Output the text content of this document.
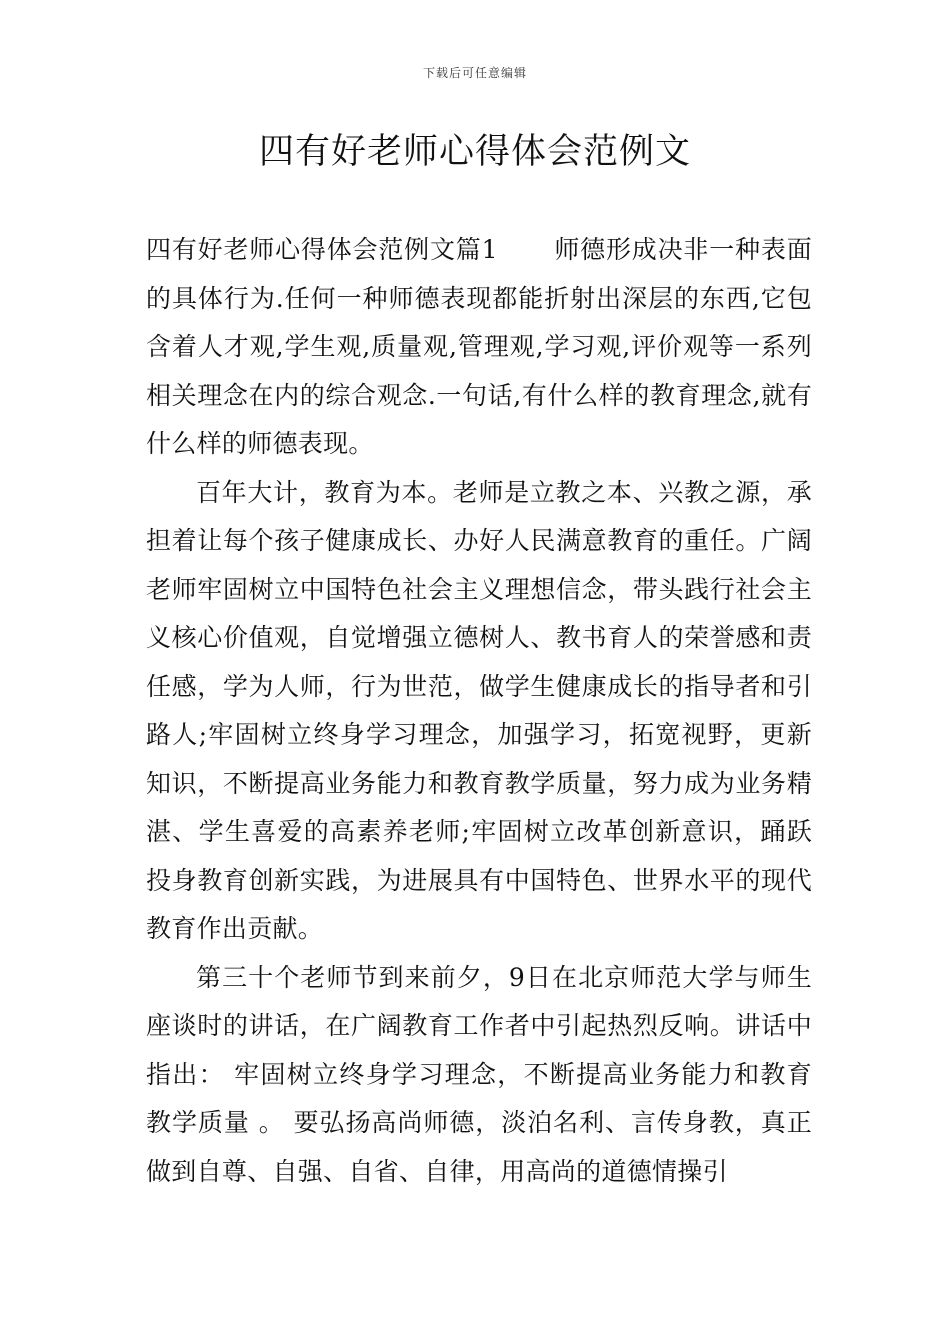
下载后可任意编辑
四有好老师心得体会范例文

四有好老师心得体会范例文篇1 师德形成决非一种表面的具体行为.任何一种师德表现都能折射出深层的东西,它包含着人才观,学生观,质量观,管理观,学习观,评价观等一系列相关理念在内的综合观念.一句话,有什么样的教育理念,就有什么样的师德表现。

百年大计，教育为本。老师是立教之本、兴教之源，承担着让每个孩子健康成长、办好人民满意教育的重任。广阔老师牢固树立中国特色社会主义理想信念，带头践行社会主义核心价值观，自觉增强立德树人、教书育人的荣誉感和责任感，学为人师，行为世范，做学生健康成长的指导者和引路人;牢固树立终身学习理念，加强学习，拓宽视野，更新知识，不断提高业务能力和教育教学质量，努力成为业务精湛、学生喜爱的高素养老师;牢固树立改革创新意识，踊跃投身教育创新实践，为进展具有中国特色、世界水平的现代教育作出贡献。

第三十个老师节到来前夕，9日在北京师范大学与师生座谈时的讲话，在广阔教育工作者中引起热烈反响。讲话中指出： 牢固树立终身学习理念，不断提高业务能力和教育教学质量 。 要弘扬高尚师德，淡泊名利、言传身教，真正做到自尊、自强、自省、自律，用高尚的道德情操引
